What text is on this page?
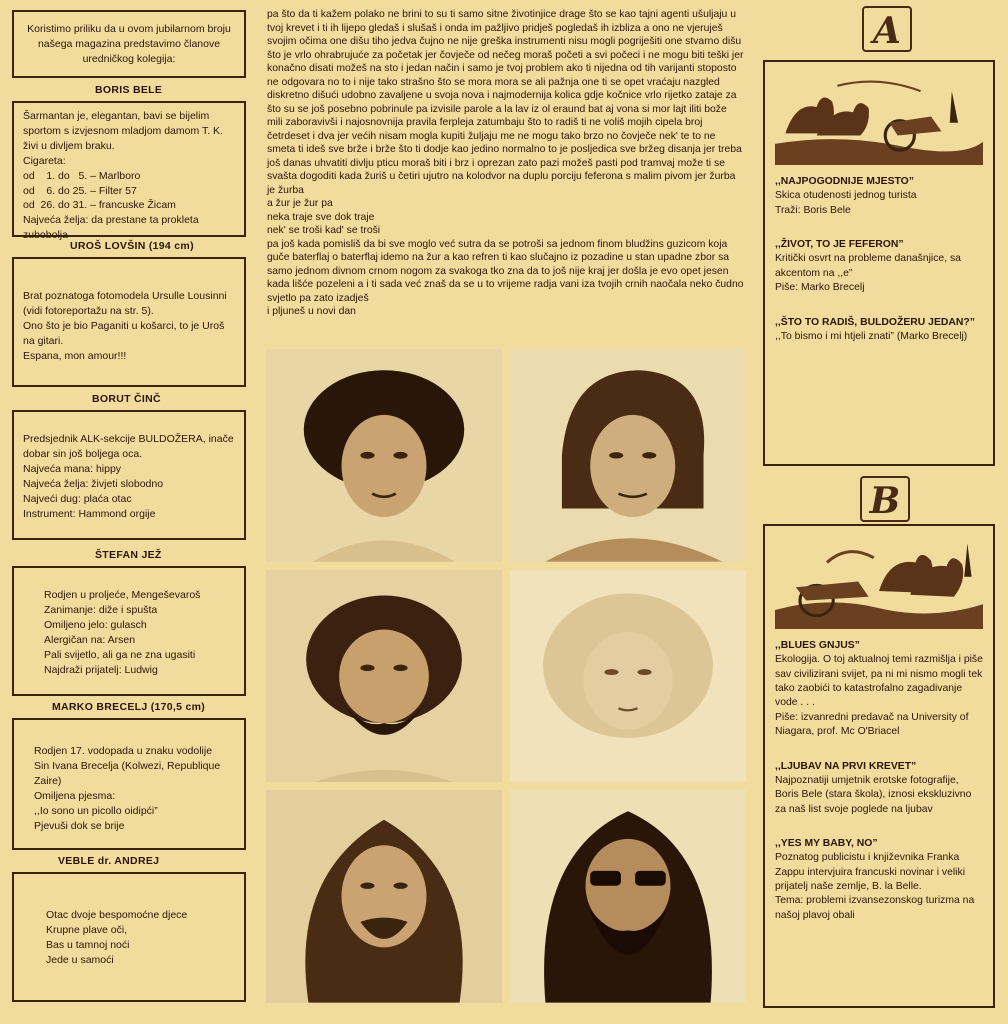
Koristimo priliku da u ovom jubilarnom broju našega magazina predstavimo članove uredničkog kolegija:
BORIS BELE
Šarmantan je, elegantan, bavi se bijelim sportom s izvjesnom mladjom damom T. K. živi u divljem braku.
Cigareta:
od    1. do   5. – Marlboro
od    6. do 25. – Filter 57
od  26. do 31. – francuske Žicam
Najveća želja: da prestane ta prokleta zubobolja
UROŠ LOVŠIN (194 cm)
Brat poznatoga fotomodela Ursulle Lousinni (vidi fotoreportažu na str. 5).
Ono što je bio Paganiti u košarci, to je Uroš na gitari.
Espana, mon amour!!!
BORUT ČINČ
Predsjednik ALK-sekcije BULDOŽERA, inače dobar sin još boljega oca.
Najveća mana: hippy
Najveća želja: živjeti slobodno
Najveći dug: plaća otac
Instrument: Hammond orgije
ŠTEFAN JEŽ
Rodjen u proljeće, Mengeševaroš
Zanimanje: diže i spušta
Omiljeno jelo: gulasch
Alergičan na: Arsen
Pali svijetlo, ali ga ne zna ugasiti
Najdraži prijatelj: Ludwig
MARKO BRECELJ (170,5 cm)
Rodjen 17. vodopada u znaku vodolije
Sin Ivana Brecelja (Kolwezi, Republique Zaire)
Omiljena pjesma:
,,Io sono un picollo oidipći”
Pjevuši dok se brije
VEBLE dr. ANDREJ
Otac dvoje bespomoćne djece
Krupne plave oči,
Bas u tamnoj noći
Jede u samoći
pa što da ti kažem polako ne brini to su ti samo sitne životinjice drage što se kao tajni agenti ušuljaju u tvoj krevet i ti ih lijepo gledaš i slušaš i onda im pažljivo pridješ pogledaš ih izbliza a ono ne vjeruješ svojim očima one dišu tiho jedva čujno ne nije greška instrumenti nisu mogli pogriješiti one stvarno dišu što je vrlo ohrabrujuće za početak jer čovječe od nečeg moraš početi a svi počeci i ne mogu biti teški jer konačno disati možeš na sto i jedan način i samo je tvoj problem ako ti nijedna od tih varijanti stoposto ne odgovara no to i nije tako strašno što se mora mora se ali pažnja one ti se opet vraćaju nazgled diskretno dišući udobno zavaljene u svoja nova i najmodernija kolica gdje kočnice vrlo rijetko zataje za što su se još posebno pobrinule pa izvisile parole a la lav iz ol eraund bat aj vona si mor lajt iliti bože mili zaboravivši i najosnovnija pravila ferpleja zatumbaju što to radiš ti ne voliš mojih cipela broj četrdeset i dva jer većih nisam mogla kupiti žuljaju me ne mogu tako brzo no čovječe nek' te to ne smeta ti ideš sve brže i brže što ti dodje kao jedino normalno to je posljedica sve bržeg disanja jer treba još danas uhvatiti divlju pticu moraš biti i brz i oprezan zato pazi možeš pasti pod tramvaj može ti se svašta dogoditi kada žuriš u četiri ujutro na kolodvor na duplu porciju feferona s malim pivom jer žurba je žurba
a žur je žur pa
neka traje sve dok traje
nek' se troši kad' se troši
pa još kada pomisliš da bi sve moglo već sutra da se potroši sa jednom finom bludžins guzicom koja guče baterflaj o baterflaj idemo na žur a kao refren ti kao slučajno iz pozadine u stan upadne zbor sa samo jednom divnom crnom nogom za svakoga tko zna da to još nije kraj jer došla je evo opet jesen kada lišće pozeleni a i ti sada već znaš da se u to vrijeme radja vani iza tvojih crnih naočala neko čudno svjetlo pa zato izadješ
i pljuneš u novi dan
A
,,NAJPOGODNIJE MJESTO”
Skica otudenosti jednog turista
Traži: Boris Bele
,,ŽIVOT, TO JE FEFERON”
Kritički osvrt na probleme današnjice, sa akcentom na ,,e”
Piše: Marko Brecelj
,,ŠTO TO RADIŠ, BULDOŽERU JEDAN?”
,,To bismo i mi htjeli znati” (Marko Brecelj)
B
,,BLUES GNJUS”
Ekologija. O toj aktualnoj temi razmišlja i piše sav civilizirani svijet, pa ni mi nismo mogli tek tako zaobići to katastrofalno zagadivanje vode . . .
Piše: izvanredni predavač na University of Niagara, prof. Mc O'Briacel
,,LJUBAV NA PRVI KREVET”
Najpoznatiji umjetnik erotske fotografije, Boris Bele (stara škola), iznosi ekskluzivno za naš list svoje poglede na ljubav
,,YES MY BABY, NO”
Poznatog publicistu i književnika Franka Zappu intervjuira francuski novinar i veliki prijatelj naše zemlje, B. la Belle.
Tema: problemi izvansezonskog turizma na našoj plavoj obali
